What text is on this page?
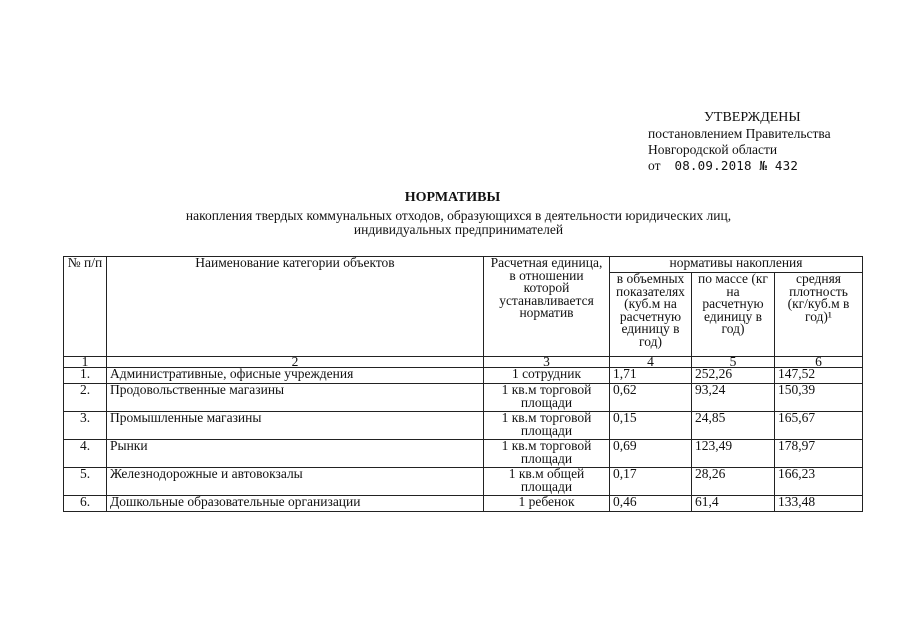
УТВЕРЖДЕНЫ
постановлением Правительства
Новгородской области
от 08.09.2018 № 432
НОРМАТИВЫ
накопления твердых коммунальных отходов, образующихся в деятельности юридических лиц, индивидуальных предпринимателей
№ п/п	Наименование категории объектов	Расчетная единица, в отношении которой устанавливается норматив	нормативы накопления		
			в объемных показателях (куб.м на расчетную единицу в год)	по массе (кг на расчетную единицу в год)	средняя плотность (кг/куб.м в год)¹
1	2	3	4	5	6
1.	Административные, офисные учреждения	1 сотрудник	1,71	252,26	147,52
2.	Продовольственные магазины	1 кв.м торговой площади	0,62	93,24	150,39
3.	Промышленные магазины	1 кв.м торговой площади	0,15	24,85	165,67
4.	Рынки	1 кв.м торговой площади	0,69	123,49	178,97
5.	Железнодорожные и автовокзалы	1 кв.м общей площади	0,17	28,26	166,23
6.	Дошкольные образовательные организации	1 ребенок	0,46	61,4	133,48
